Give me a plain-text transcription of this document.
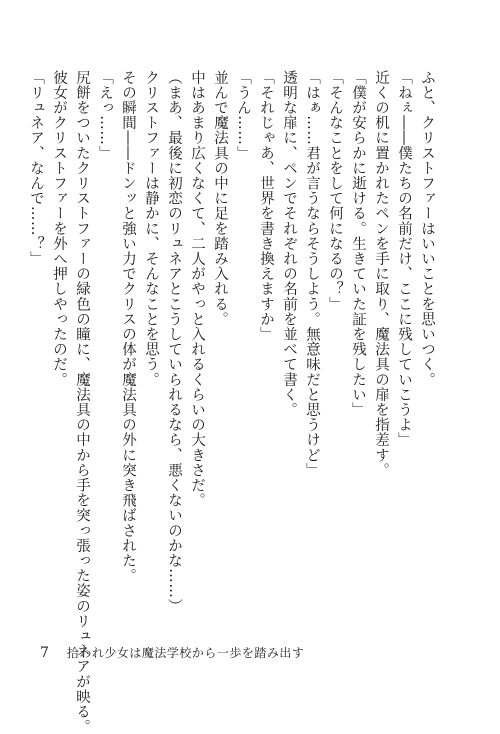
ふと、クリストファーはいいことを思いつく。
「ねぇ――僕たちの名前だけ、ここに残していこうよ」
近くの机に置かれたペンを手に取り、魔法具の扉を指差す。
「僕が安らかに逝ける。生きていた証を残したい」
「そんなことをして何になるの？」
「はぁ……君が言うならそうしよう。無意味だと思うけど」
透明な扉に、ペンでそれぞれの名前を並べて書く。
「それじゃあ、世界を書き換えますか」
「うん……」
並んで魔法具の中に足を踏み入れる。
中はあまり広くなくて、二人がやっと入れるくらいの大きさだ。
（まあ、最後に初恋のリュネアとこうしていられるなら、悪くないのかな……）
クリストファーは静かに、そんなことを思う。
その瞬間――ドンッと強い力でクリスの体が魔法具の外に突き飛ばされた。
「えっ……」
尻餅をついたクリストファーの緑色の瞳に、魔法具の中から手を突っ張った姿のリュネアが映る。
彼女がクリストファーを外へ押しやったのだ。
「リュネア、なんで……？」
7 拾われ少女は魔法学校から一歩を踏み出す
